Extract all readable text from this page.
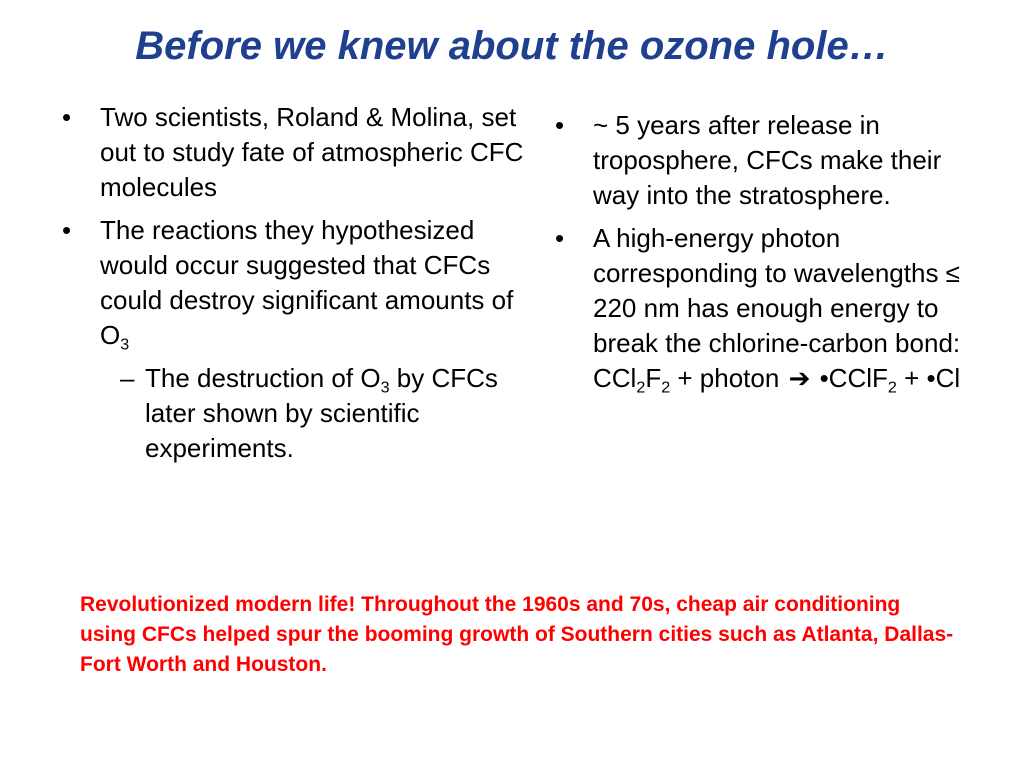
Before we knew about the ozone hole…
• Two scientists, Roland & Molina, set out to study fate of atmospheric CFC molecules
• The reactions they hypothesized would occur suggested that CFCs could destroy significant amounts of $O_3$
– The destruction of $O_3$ by CFCs later shown by scientific experiments.
• ~ 5 years after release in troposphere, CFCs make their way into the stratosphere.
• A high-energy photon corresponding to wavelengths ≤ 220 nm has enough energy to break the chlorine-carbon bond: $CCl_2F_2$ + photon ➔ •CClF$_2$ + •Cl
Revolutionized modern life! Throughout the 1960s and 70s, cheap air conditioning using CFCs helped spur the booming growth of Southern cities such as Atlanta, Dallas-Fort Worth and Houston.
